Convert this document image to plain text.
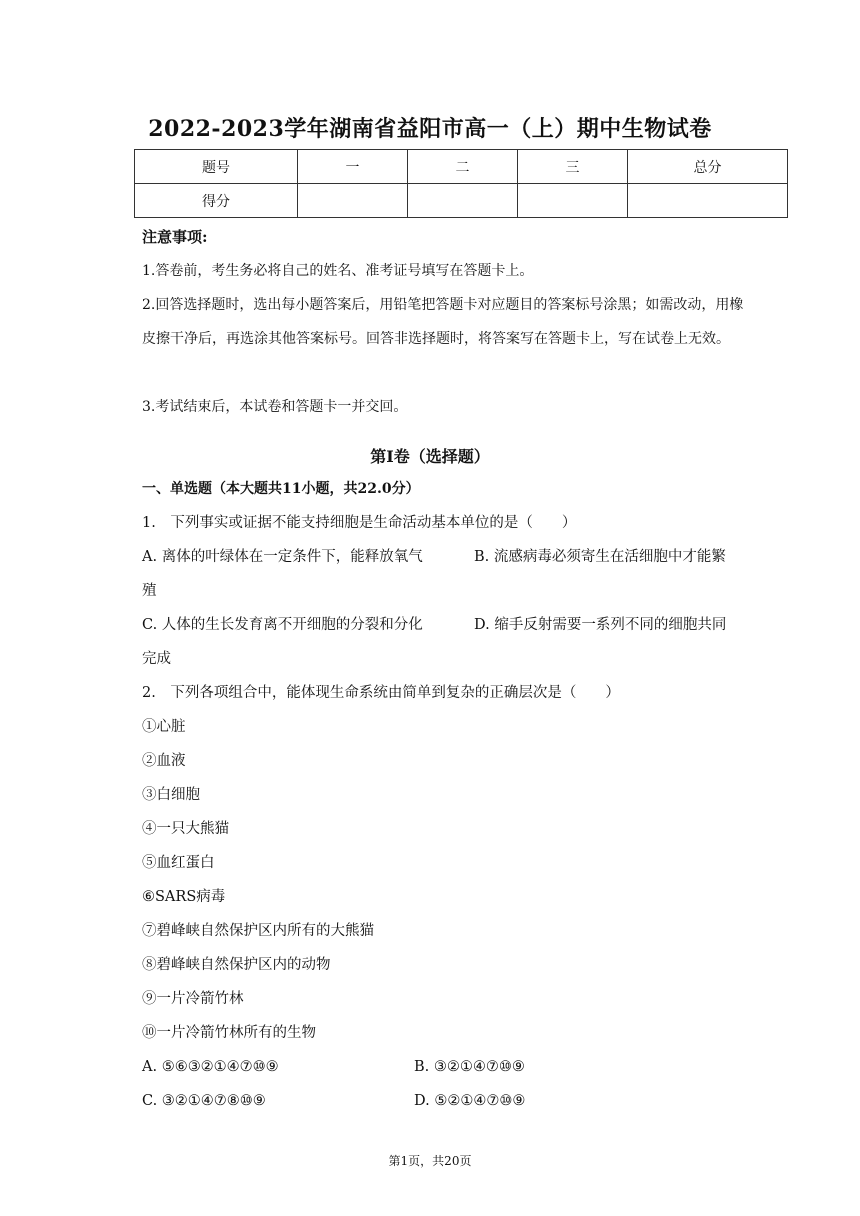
2022-2023学年湖南省益阳市高一（上）期中生物试卷
题号	一	二	三	总分
得分				
注意事项:
1.答卷前，考生务必将自己的姓名、准考证号填写在答题卡上。
2.回答选择题时，选出每小题答案后，用铅笔把答题卡对应题目的答案标号涂黑；如需改动，用橡皮擦干净后，再选涂其他答案标号。回答非选择题时，将答案写在答题卡上，写在试卷上无效。
3.考试结束后，本试卷和答题卡一并交回。
第I卷（选择题）
一、单选题（本大题共11小题，共22.0分）
1.　下列事实或证据不能支持细胞是生命活动基本单位的是（　　）
A. 离体的叶绿体在一定条件下，能释放氧气	B. 流感病毒必须寄生在活细胞中才能繁
殖
C. 人体的生长发育离不开细胞的分裂和分化	D. 缩手反射需要一系列不同的细胞共同
完成
2.　下列各项组合中，能体现生命系统由简单到复杂的正确层次是（　　）
①心脏
②血液
③白细胞
④一只大熊猫
⑤血红蛋白
⑥SARS病毒
⑦碧峰峡自然保护区内所有的大熊猫
⑧碧峰峡自然保护区内的动物
⑨一片冷箭竹林
⑩一片冷箭竹林所有的生物
A. ⑤⑥③②①④⑦⑩⑨	B. ③②①④⑦⑩⑨
C. ③②①④⑦⑧⑩⑨	D. ⑤②①④⑦⑩⑨
第1页，共20页
